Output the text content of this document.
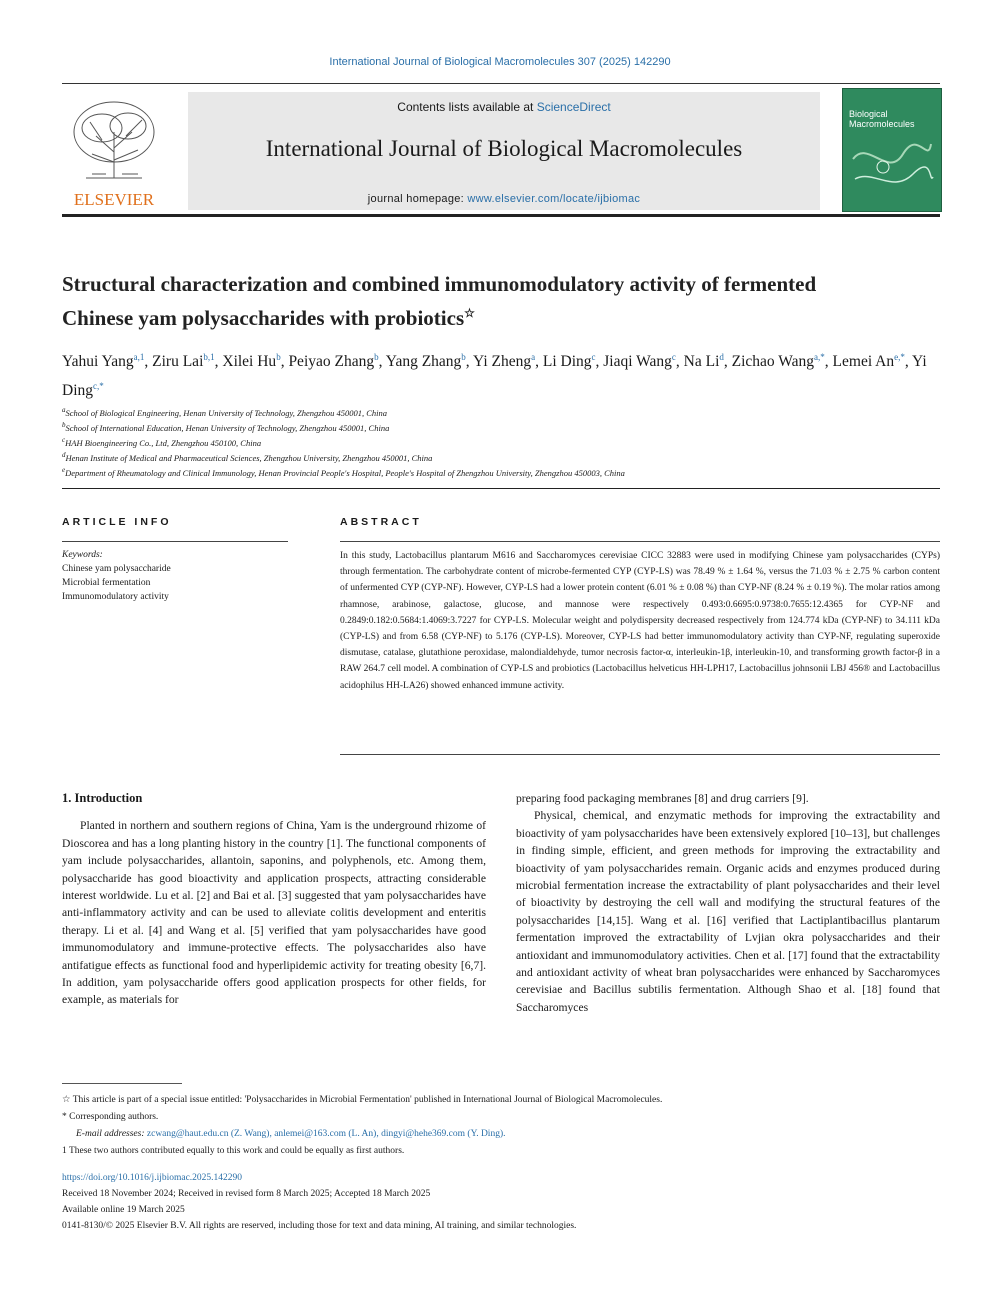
International Journal of Biological Macromolecules 307 (2025) 142290
ELSEVIER
Contents lists available at ScienceDirect
International Journal of Biological Macromolecules
journal homepage: www.elsevier.com/locate/ijbiomac
Biological Macromolecules
Structural characterization and combined immunomodulatory activity of fermented Chinese yam polysaccharides with probiotics☆
Yahui Yang$^{a,1}$, Ziru Lai$^{b,1}$, Xilei Hu$^b$, Peiyao Zhang$^b$, Yang Zhang$^b$, Yi Zheng$^a$, Li Ding$^c$, Jiaqi Wang$^c$, Na Li$^d$, Zichao Wang$^{a,*}$, Lemei $An^{e,*}$, Yi Ding$^{c,*}$
$^a$School of Biological Engineering, Henan University of Technology, Zhengzhou 450001, China
$^b$School of International Education, Henan University of Technology, Zhengzhou 450001, China
$^c$HAH Bioengineering Co., Ltd, Zhengzhou 450100, China
$^d$Henan Institute of Medical and Pharmaceutical Sciences, Zhengzhou University, Zhengzhou 450001, China
$^e$Department of Rheumatology and Clinical Immunology, Henan Provincial People's Hospital, People's Hospital of Zhengzhou University, Zhengzhou 450003, China
ARTICLE INFO	ABSTRACT
Keywords:
Chinese yam polysaccharide
Microbial fermentation
Immunomodulatory activity
In this study, Lactobacillus plantarum M616 and Saccharomyces cerevisiae CICC 32883 were used in modifying Chinese yam polysaccharides (CYPs) through fermentation. The carbohydrate content of microbe-fermented CYP (CYP-LS) was 78.49 % ± 1.64 %, versus the 71.03 % ± 2.75 % carbon content of unfermented CYP (CYP-NF). However, CYP-LS had a lower protein content (6.01 % ± 0.08 %) than CYP-NF (8.24 % ± 0.19 %). The molar ratios among rhamnose, arabinose, galactose, glucose, and mannose were respectively 0.493:0.6695:0.9738:0.7655:12.4365 for CYP-NF and 0.2849:0.182:0.5684:1.4069:3.7227 for CYP-LS. Molecular weight and polydispersity decreased respectively from 124.774 kDa (CYP-NF) to 34.111 kDa (CYP-LS) and from 6.58 (CYP-NF) to 5.176 (CYP-LS). Moreover, CYP-LS had better immunomodulatory activity than CYP-NF, regulating superoxide dismutase, catalase, glutathione peroxidase, malondialdehyde, tumor necrosis factor-α, interleukin-1β, interleukin-10, and transforming growth factor-β in a RAW 264.7 cell model. A combination of CYP-LS and probiotics (Lactobacillus helveticus HH-LPH17, Lactobacillus johnsonii LBJ 456® and Lactobacillus acidophilus HH-LA26) showed enhanced immune activity.
1. Introduction

Planted in northern and southern regions of China, Yam is the underground rhizome of Dioscorea and has a long planting history in the country [1]. The functional components of yam include polysaccharides, allantoin, saponins, and polyphenols, etc. Among them, polysaccharide has good bioactivity and application prospects, attracting considerable interest worldwide. Lu et al. [2] and Bai et al. [3] suggested that yam polysaccharides have anti-inflammatory activity and can be used to alleviate colitis development and enteritis therapy. Li et al. [4] and Wang et al. [5] verified that yam polysaccharides have good immunomodulatory and immune-protective effects. The polysaccharides also have antifatigue effects as functional food and hyperlipidemic activity for treating obesity [6,7]. In addition, yam polysaccharide offers good application prospects for other fields, for example, as materials for

preparing food packaging membranes [8] and drug carriers [9].

Physical, chemical, and enzymatic methods for improving the extractability and bioactivity of yam polysaccharides have been extensively explored [10–13], but challenges in finding simple, efficient, and green methods for improving the extractability and bioactivity of yam polysaccharides remain. Organic acids and enzymes produced during microbial fermentation increase the extractability of plant polysaccharides and their level of bioactivity by destroying the cell wall and modifying the structural features of the polysaccharides [14,15]. Wang et al. [16] verified that Lactiplantibacillus plantarum fermentation improved the extractability of Lvjian okra polysaccharides and their antioxidant and immunomodulatory activities. Chen et al. [17] found that the extractability and antioxidant activity of wheat bran polysaccharides were enhanced by Saccharomyces cerevisiae and Bacillus subtilis fermentation. Although Shao et al. [18] found that Saccharomyces

☆ This article is part of a special issue entitled: 'Polysaccharides in Microbial Fermentation' published in International Journal of Biological Macromolecules.
* Corresponding authors.
E-mail addresses: zcwang@haut.edu.cn (Z. Wang), anlemei@163.com (L. An), dingyi@hehe369.com (Y. Ding).
1 These two authors contributed equally to this work and could be equally as first authors.
https://doi.org/10.1016/j.ijbiomac.2025.142290
Received 18 November 2024; Received in revised form 8 March 2025; Accepted 18 March 2025
Available online 19 March 2025
0141-8130/© 2025 Elsevier B.V. All rights are reserved, including those for text and data mining, AI training, and similar technologies.
